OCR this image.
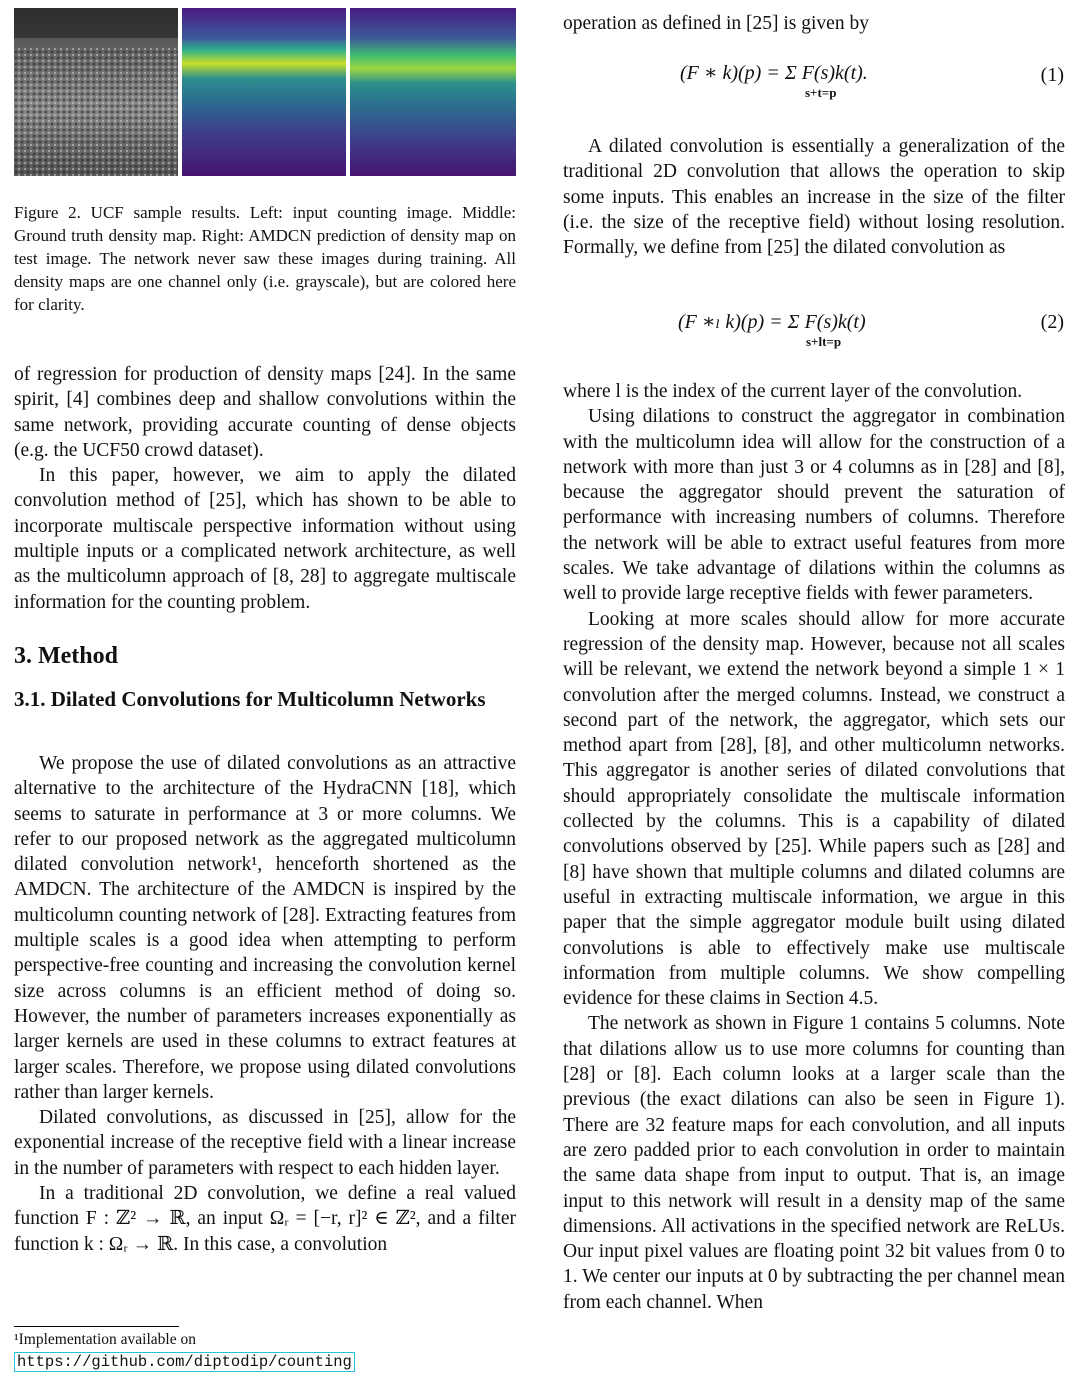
Figure 2. UCF sample results. Left: input counting image. Middle: Ground truth density map. Right: AMDCN prediction of density map on test image. The network never saw these images during training. All density maps are one channel only (i.e. grayscale), but are colored here for clarity.

of regression for production of density maps [24]. In the same spirit, [4] combines deep and shallow convolutions within the same network, providing accurate counting of dense objects (e.g. the UCF50 crowd dataset).

In this paper, however, we aim to apply the dilated convolution method of [25], which has shown to be able to incorporate multiscale perspective information without using multiple inputs or a complicated network architecture, as well as the multicolumn approach of [8, 28] to aggregate multiscale information for the counting problem.

3. Method
3.1. Dilated Convolutions for Multicolumn Networks

We propose the use of dilated convolutions as an attractive alternative to the architecture of the HydraCNN [18], which seems to saturate in performance at 3 or more columns. We refer to our proposed network as the aggregated multicolumn dilated convolution network¹, henceforth shortened as the AMDCN. The architecture of the AMDCN is inspired by the multicolumn counting network of [28]. Extracting features from multiple scales is a good idea when attempting to perform perspective-free counting and increasing the convolution kernel size across columns is an efficient method of doing so. However, the number of parameters increases exponentially as larger kernels are used in these columns to extract features at larger scales. Therefore, we propose using dilated convolutions rather than larger kernels.

Dilated convolutions, as discussed in [25], allow for the exponential increase of the receptive field with a linear increase in the number of parameters with respect to each hidden layer.

In a traditional 2D convolution, we define a real valued function F : ℤ² → ℝ, an input Ωᵣ = [−r, r]² ∈ ℤ², and a filter function k : Ωᵣ → ℝ. In this case, a convolution

¹Implementation available on https://github.com/diptodip/counting

operation as defined in [25] is given by

(F ∗ k)(p) = Σ F(s)k(t).
s+t=p
(1)

A dilated convolution is essentially a generalization of the traditional 2D convolution that allows the operation to skip some inputs. This enables an increase in the size of the filter (i.e. the size of the receptive field) without losing resolution. Formally, we define from [25] the dilated convolution as

(F ∗ₗ k)(p) = Σ F(s)k(t)
s+lt=p
(2)

where l is the index of the current layer of the convolution.

Using dilations to construct the aggregator in combination with the multicolumn idea will allow for the construction of a network with more than just 3 or 4 columns as in [28] and [8], because the aggregator should prevent the saturation of performance with increasing numbers of columns. Therefore the network will be able to extract useful features from more scales. We take advantage of dilations within the columns as well to provide large receptive fields with fewer parameters.

Looking at more scales should allow for more accurate regression of the density map. However, because not all scales will be relevant, we extend the network beyond a simple 1 × 1 convolution after the merged columns. Instead, we construct a second part of the network, the aggregator, which sets our method apart from [28], [8], and other multicolumn networks. This aggregator is another series of dilated convolutions that should appropriately consolidate the multiscale information collected by the columns. This is a capability of dilated convolutions observed by [25]. While papers such as [28] and [8] have shown that multiple columns and dilated columns are useful in extracting multiscale information, we argue in this paper that the simple aggregator module built using dilated convolutions is able to effectively make use multiscale information from multiple columns. We show compelling evidence for these claims in Section 4.5.

The network as shown in Figure 1 contains 5 columns. Note that dilations allow us to use more columns for counting than [28] or [8]. Each column looks at a larger scale than the previous (the exact dilations can also be seen in Figure 1). There are 32 feature maps for each convolution, and all inputs are zero padded prior to each convolution in order to maintain the same data shape from input to output. That is, an image input to this network will result in a density map of the same dimensions. All activations in the specified network are ReLUs. Our input pixel values are floating point 32 bit values from 0 to 1. We center our inputs at 0 by subtracting the per channel mean from each channel. When
